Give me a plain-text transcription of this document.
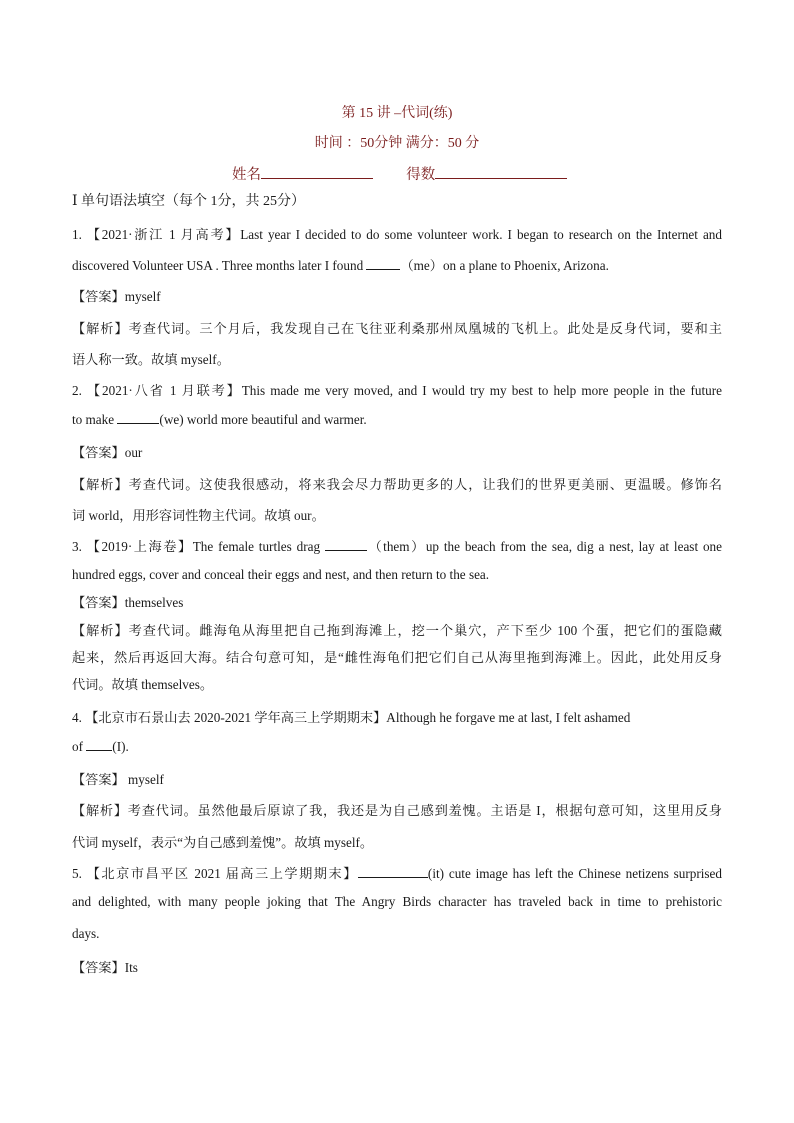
第 15 讲 –代词(练)
时间 ：50分钟 满分：50 分
姓名	得数
Ⅰ 单句语法填空（每个 1分，共 25分）
1. 【2021·浙江 1 月高考】Last year I decided to do some volunteer work. I began to research on the Internet and
discovered Volunteer USA . Three months later I found	（me）on a plane to Phoenix, Arizona.
【答案】myself
【解析】考查代词。三个月后，我发现自己在飞往亚利桑那州凤凰城的飞机上。此处是反身代词，要和主
语人称一致。故填 myself。
2. 【2021·八省 1 月联考】This made me very moved, and I would try my best to help more people in the future
to make	(we) world more beautiful and warmer.
【答案】our
【解析】考查代词。这使我很感动，将来我会尽力帮助更多的人，让我们的世界更美丽、更温暖。修饰名
词 world，用形容词性物主代词。故填 our。
3. 【2019·上海卷】The female turtles drag	（them）up the beach from the sea, dig a nest, lay at least one
hundred eggs, cover and conceal their eggs and nest, and then return to the sea.
【答案】themselves
【解析】考查代词。雌海龟从海里把自己拖到海滩上，挖一个巢穴，产下至少 100 个蛋，把它们的蛋隐藏
起来，然后再返回大海。结合句意可知，是“雌性海龟们把它们自己从海里拖到海滩上。因此，此处用反身
代词。故填 themselves。
4. 【北京市石景山去 2020-2021 学年高三上学期期末】Although he forgave me at last, I felt ashamed
of (I).
【答案】 myself
【解析】考查代词。虽然他最后原谅了我，我还是为自己感到羞愧。主语是 I，根据句意可知，这里用反身
代词 myself，表示“为自己感到羞愧”。故填 myself。
5. 【北京市昌平区 2021 届高三上学期期末】	(it) cute image has left the Chinese netizens surprised
and delighted, with many people joking that The Angry Birds character has traveled back in time to prehistoric
days.
【答案】Its
